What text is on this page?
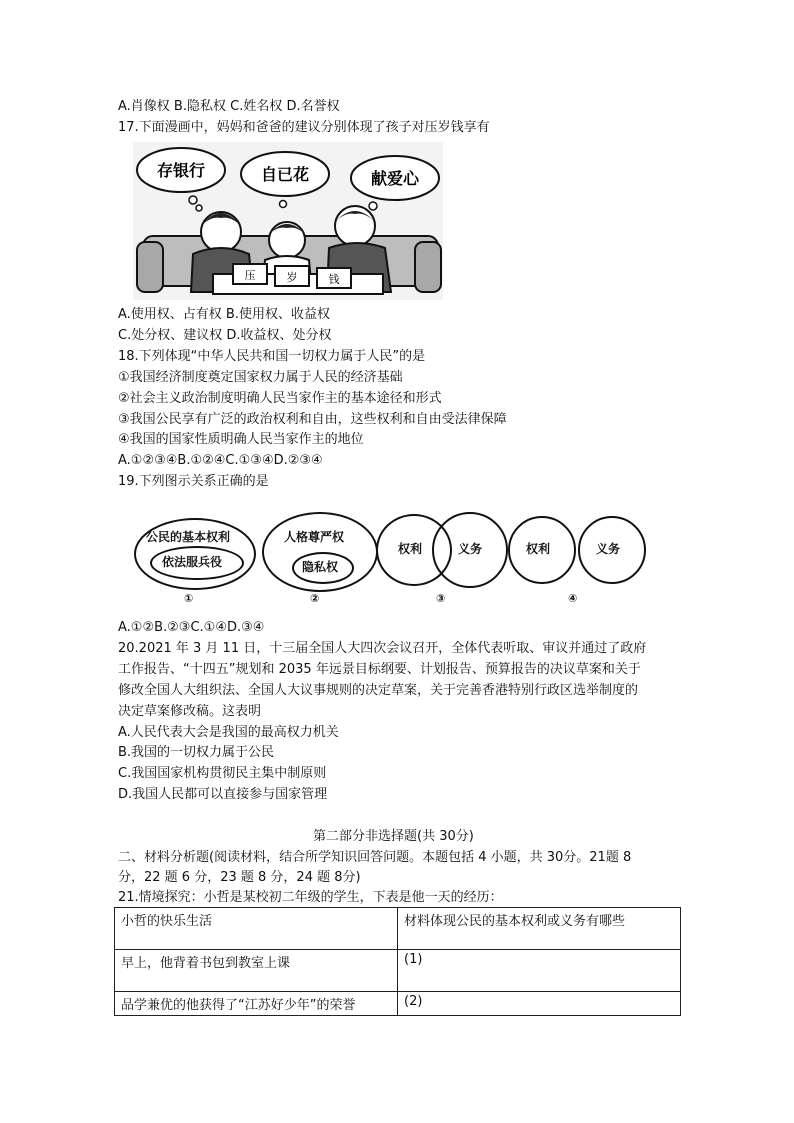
A.肖像权 B.隐私权 C.姓名权 D.名誉权
17.下面漫画中，妈妈和爸爸的建议分别体现了孩子对压岁钱享有
存银行	自已花	献爱心
压	岁	钱
A.使用权、占有权 B.使用权、收益权
C.处分权、建议权 D.收益权、处分权
18.下列体现“中华人民共和国一切权力属于人民”的是
①我国经济制度奠定国家权力属于人民的经济基础
②社会主义政治制度明确人民当家作主的基本途径和形式
③我国公民享有广泛的政治权利和自由，这些权利和自由受法律保障
④我国的国家性质明确人民当家作主的地位
A.①②③④B.①②④C.①③④D.②③④
19.下列图示关系正确的是
公民的基本权利
依法服兵役
①
人格尊严权
隐私权
②
权利	义务
③
权利	义务
④
A.①②B.②③C.①④D.③④
20.2021 年 3 月 11 日，十三届全国人大四次会议召开，全体代表听取、审议并通过了政府
工作报告、“十四五”规划和 2035 年远景目标纲要、计划报告、预算报告的决议草案和关于
修改全国人大组织法、全国人大议事规则的决定草案，关于完善香港特别行政区选举制度的
决定草案修改稿。这表明
A.人民代表大会是我国的最高权力机关
B.我国的一切权力属于公民
C.我国国家机构贯彻民主集中制原则
D.我国人民都可以直接参与国家管理
第二部分非选择题(共 30分)
二、材料分析题(阅读材料，结合所学知识回答问题。本题包括 4 小题，共 30分。21题 8
分，22 题 6 分，23 题 8 分，24 题 8分)
21.情境探究：小哲是某校初二年级的学生，下表是他一天的经历：
小哲的快乐生活	材料体现公民的基本权利或义务有哪些
早上，他背着书包到教室上课	(1)
品学兼优的他获得了“江苏好少年”的荣誉	(2)
